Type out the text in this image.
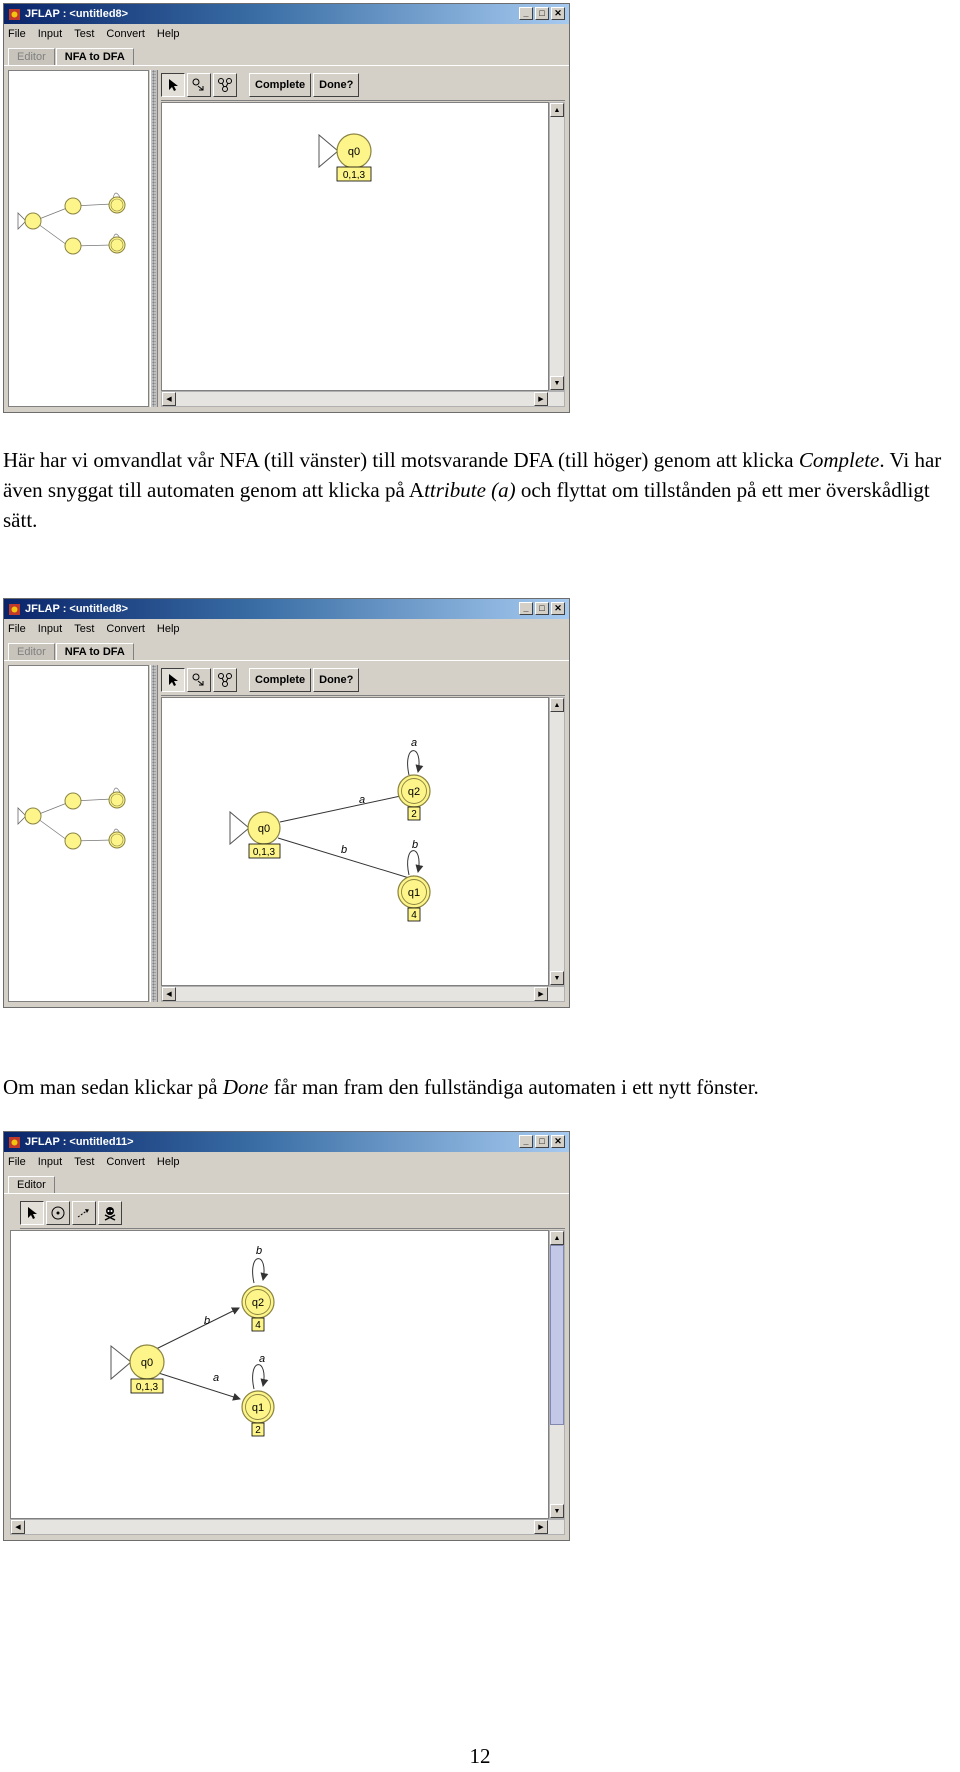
JFLAP : <untitled8>	_	□	✕
File Input Test Convert Help
Editor	NFA to DFA
Complete	Done?
q0
0,1,3
▲
▼
◀	▶

Här har vi omvandlat vår NFA (till vänster) till motsvarande DFA (till höger) genom att klicka Complete. Vi har även snyggat till automaten genom att klicka på Attribute (a) och flyttat om tillstånden på ett mer överskådligt sätt.

JFLAP : <untitled8>	_	□	✕
File Input Test Convert Help
Editor	NFA to DFA
Complete	Done?
a
b
a
b
q0
0,1,3
q2
2
q1
4
▲
▼
◀	▶

Om man sedan klickar på Done får man fram den fullständiga automaten i ett nytt fönster.

JFLAP : <untitled11>	_	□	✕
File Input Test Convert Help
Editor
b
a
b
a
q0
0,1,3
q2
4
q1
2
▲
▼
◀	▶
12
